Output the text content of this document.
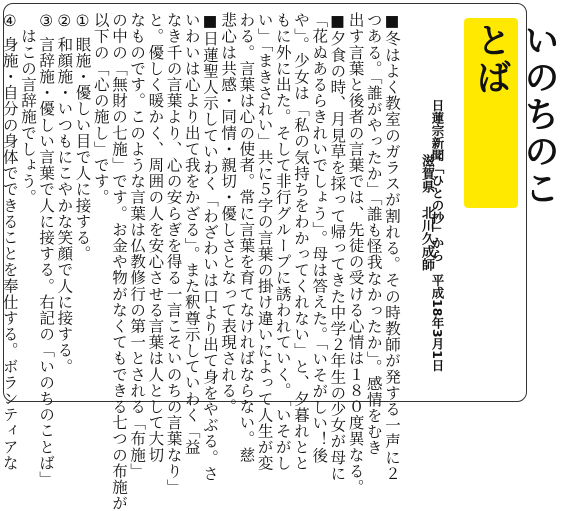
いのちのことば
日蓮宗新聞「ひとの抄」から　平成18年3月1日
滋賀県　北川久成師
■冬はよく教室のガラスが割れる。その時教師が発する一声に２
つある。「誰がやったか」「誰も怪我なかったか」。感情をむき
出す言葉と後者の言葉では、先徒の受ける心情は１８０度異なる。
■夕食の時、月見草を採って帰ってきた中学２年生の少女が母に
「花ぬあるらきれいでしょう」。母は答えた。「いそがしい！後
や」。少女は「私の気持ちをわかってくれない」と、夕暮れとと
もに外に出た。そして非行グループに誘われていく。「いそがし
い」「まきされい」共に５字の言葉の掛け違いによって人生が変
わる。言葉は心の使者。常に言葉を育てなければならない。慈
悲心は共感・同情・親切・優しさとなって表現される。
■日蓮聖人示していわく「わざわいは口より出て身をやぶる。さ
いわいは心より出て我をかざる」。また釈尊示していわく「益
なき千の言葉より、心の安らぎを得る一言こそいのちの言葉なり」
と。優しく暖かく、周囲の人を安心させる言葉は人として大切
なものです。このような言葉は仏教修行の第一とされる「布施」
の中の「無財の七施」です。お金や物がなくてもできる七つの布施が
以下の「心の施し」です。
① 眼施・優しい目で人に接する。
② 和顔施・いつもにこやかな笑顔で人に接する。
③ 言辞施・優しい言葉で人に接する。右記の「いのちのことば」
　はこの言辞施でしょう。
④ 身施・自分の身体でできることを奉仕する。ボランティアな
